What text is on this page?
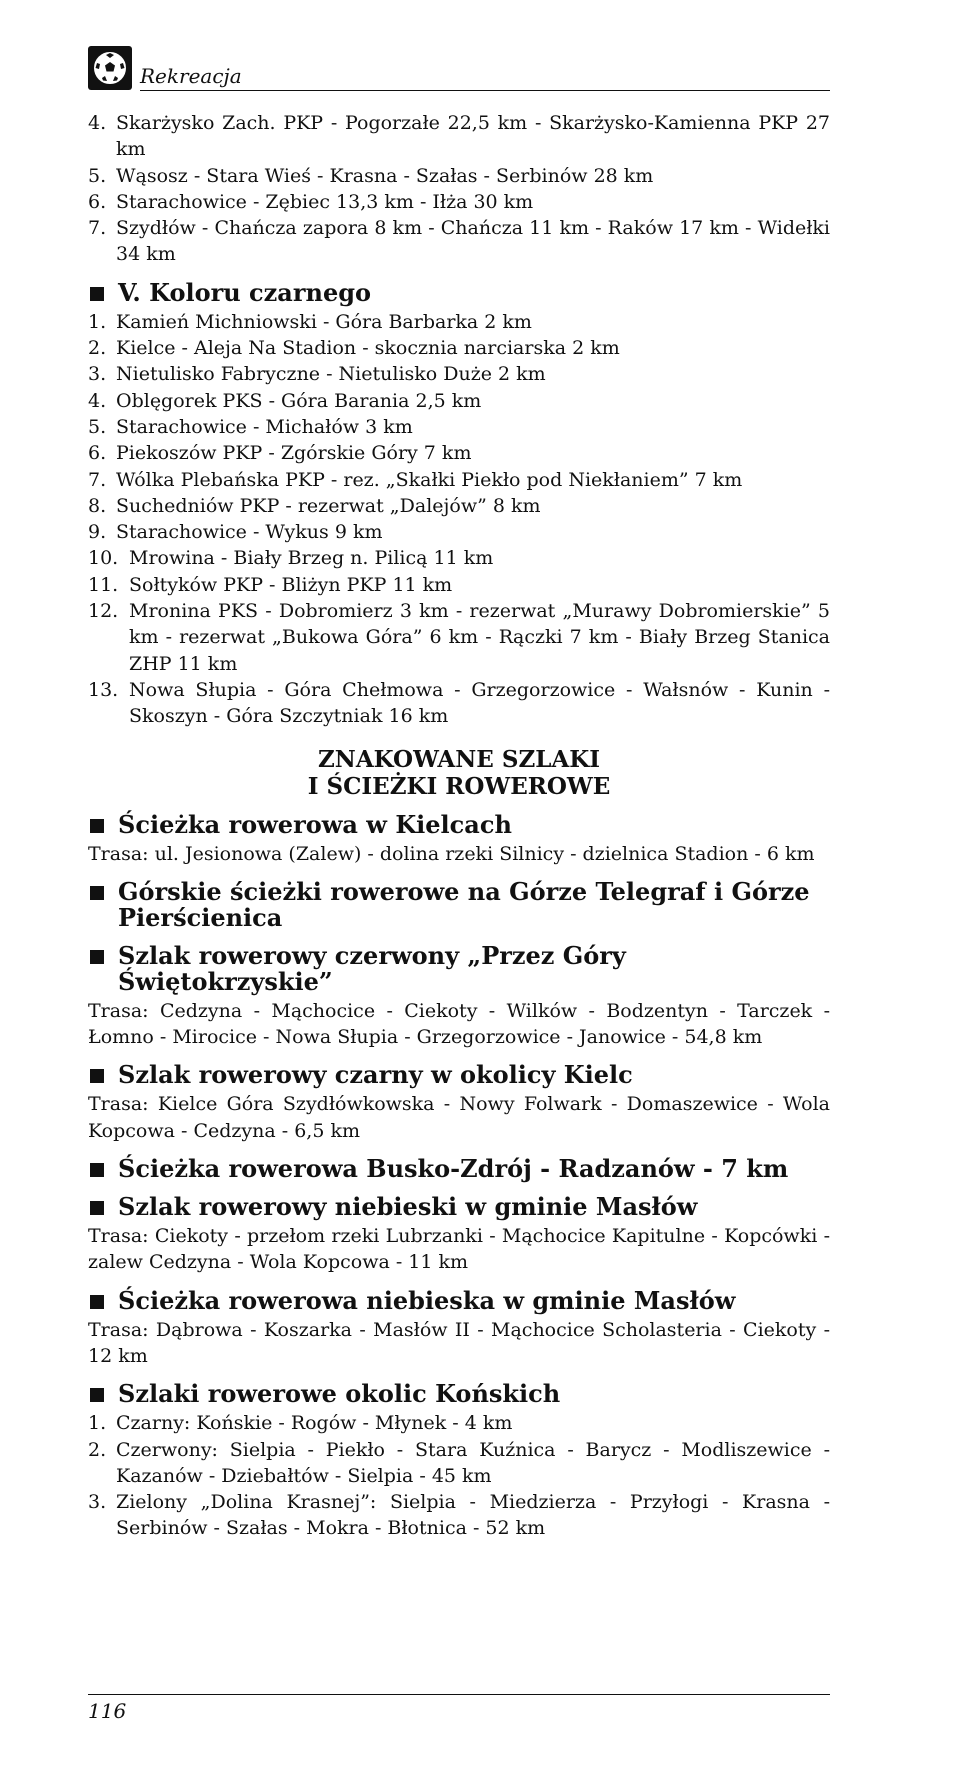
Rekreacja
4. Skarżysko Zach. PKP - Pogorzałe 22,5 km - Skarżysko-Kamienna PKP 27 km
5. Wąsosz - Stara Wieś - Krasna - Szałas - Serbinów 28 km
6. Starachowice - Zębiec 13,3 km - Iłża 30 km
7. Szydłów - Chańcza zapora 8 km - Chańcza 11 km - Raków 17 km - Widełki 34 km
V. Koloru czarnego
1. Kamień Michniowski - Góra Barbarka 2 km
2. Kielce - Aleja Na Stadion - skocznia narciarska 2 km
3. Nietulisko Fabryczne - Nietulisko Duże 2 km
4. Oblęgorek PKS - Góra Barania 2,5 km
5. Starachowice - Michałów 3 km
6. Piekoszów PKP - Zgórskie Góry 7 km
7. Wólka Plebańska PKP - rez. „Skałki Piekło pod Niekłaniem” 7 km
8. Suchedniów PKP - rezerwat „Dalejów” 8 km
9. Starachowice - Wykus 9 km
10. Mrowina - Biały Brzeg n. Pilicą 11 km
11. Sołtyków PKP - Bliżyn PKP 11 km
12. Mronina PKS - Dobromierz 3 km - rezerwat „Murawy Dobromierskie” 5 km - rezerwat „Bukowa Góra” 6 km - Rączki 7 km - Biały Brzeg Stanica ZHP 11 km
13. Nowa Słupia - Góra Chełmowa - Grzegorzowice - Wałsnów - Kunin - Skoszyn - Góra Szczytniak 16 km
ZNAKOWANE SZLAKI
I ŚCIEŻKI ROWEROWE
Ścieżka rowerowa w Kielcach
Trasa: ul. Jesionowa (Zalew) - dolina rzeki Silnicy - dzielnica Stadion - 6 km
Górskie ścieżki rowerowe na Górze Telegraf i Górze Pierścienica
Szlak rowerowy czerwony „Przez Góry Świętokrzyskie”
Trasa: Cedzyna - Mąchocice - Ciekoty - Wilków - Bodzentyn - Tarczek - Łomno - Mirocice - Nowa Słupia - Grzegorzowice - Janowice - 54,8 km
Szlak rowerowy czarny w okolicy Kielc
Trasa: Kielce Góra Szydłówkowska - Nowy Folwark - Domaszewice - Wola Kopcowa - Cedzyna - 6,5 km
Ścieżka rowerowa Busko-Zdrój - Radzanów - 7 km
Szlak rowerowy niebieski w gminie Masłów
Trasa: Ciekoty - przełom rzeki Lubrzanki - Mąchocice Kapitulne - Kopcówki - zalew Cedzyna - Wola Kopcowa - 11 km
Ścieżka rowerowa niebieska w gminie Masłów
Trasa: Dąbrowa - Koszarka - Masłów II - Mąchocice Scholasteria - Ciekoty - 12 km
Szlaki rowerowe okolic Końskich
1. Czarny: Końskie - Rogów - Młynek - 4 km
2. Czerwony: Sielpia - Piekło - Stara Kuźnica - Barycz - Modliszewice - Kazanów - Dziebałtów - Sielpia - 45 km
3. Zielony „Dolina Krasnej”: Sielpia - Miedzierza - Przyłogi - Krasna - Serbinów - Szałas - Mokra - Błotnica - 52 km
116
